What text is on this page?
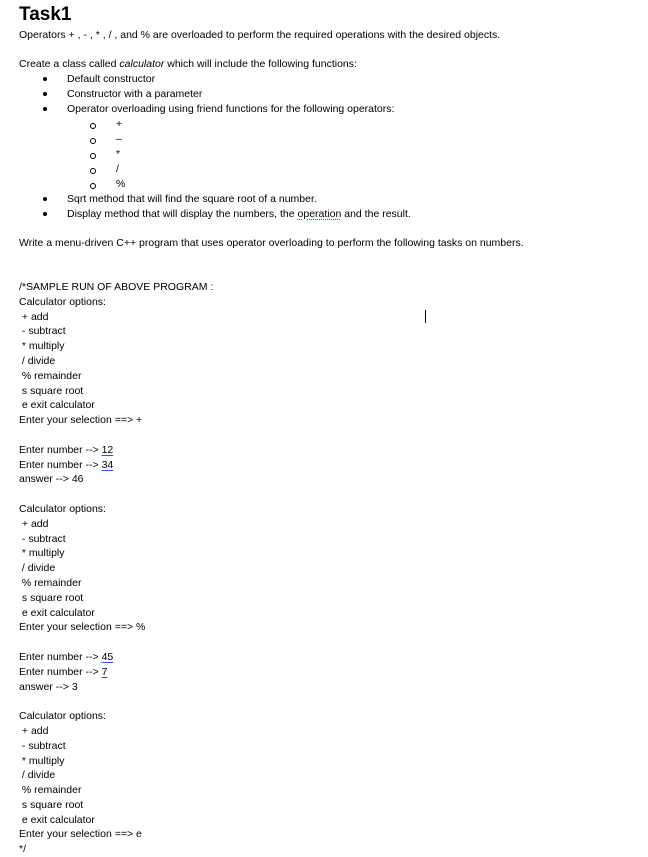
Task1
Operators + , - , * , / , and % are overloaded to perform the required operations with the desired objects.
Create a class called calculator which will include the following functions:
Default constructor
Constructor with a parameter
Operator overloading using friend functions for the following operators:
+
–
*
/
%
Sqrt method that will find the square root of a number.
Display method that will display the numbers, the operation and the result.
Write a menu-driven C++ program that uses operator overloading to perform the following tasks on numbers.
/*SAMPLE RUN OF ABOVE PROGRAM :
Calculator options:
+ add
- subtract
* multiply
/ divide
% remainder
s square root
e exit calculator
Enter your selection ==> +
Enter number --> 12
Enter number --> 34
answer --> 46
Calculator options:
+ add
- subtract
* multiply
/ divide
% remainder
s square root
e exit calculator
Enter your selection ==> %
Enter number --> 45
Enter number --> 7
answer --> 3
Calculator options:
+ add
- subtract
* multiply
/ divide
% remainder
s square root
e exit calculator
Enter your selection ==> e
*/
